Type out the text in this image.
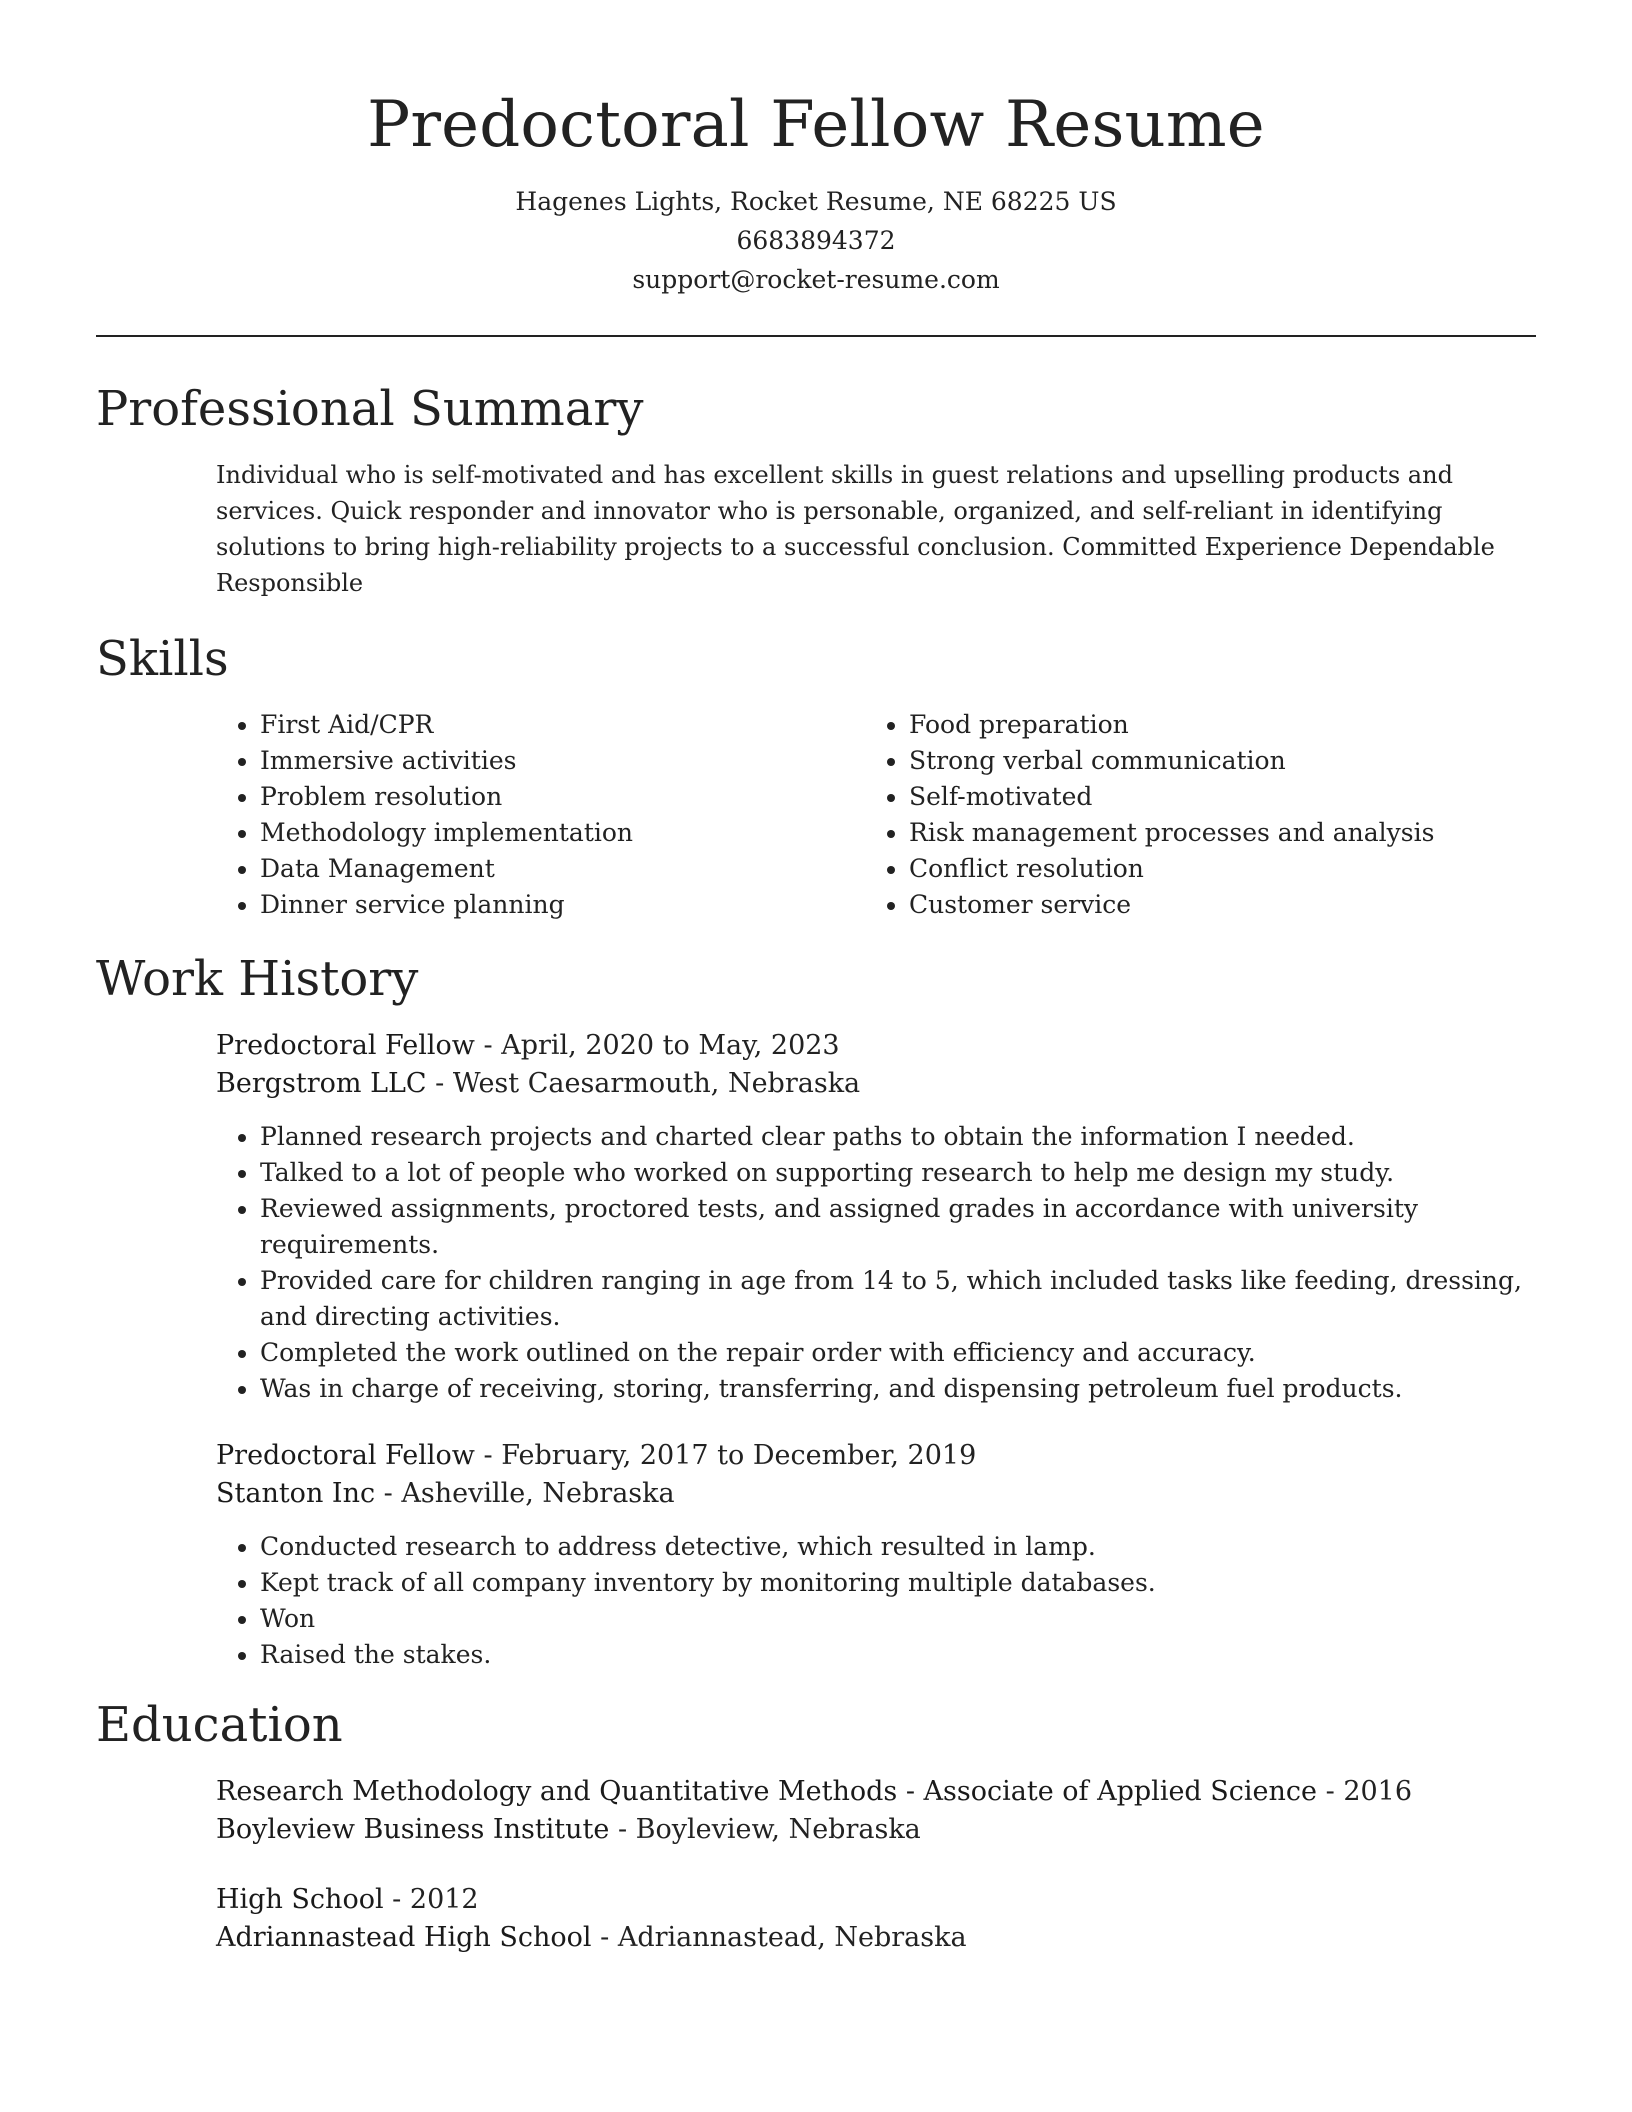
Predoctoral Fellow Resume
Hagenes Lights, Rocket Resume, NE 68225 US
6683894372
support@rocket-resume.com
Professional Summary

Individual who is self-motivated and has excellent skills in guest relations and upselling products and services. Quick responder and innovator who is personable, organized, and self-reliant in identifying solutions to bring high-reliability projects to a successful conclusion. Committed Experience Dependable Responsible

Skills
• First Aid/CPR
• Immersive activities
• Problem resolution
• Methodology implementation
• Data Management
• Dinner service planning
• Food preparation
• Strong verbal communication
• Self-motivated
• Risk management processes and analysis
• Conflict resolution
• Customer service
Work History
Predoctoral Fellow - April, 2020 to May, 2023
Bergstrom LLC - West Caesarmouth, Nebraska
• Planned research projects and charted clear paths to obtain the information I needed.
• Talked to a lot of people who worked on supporting research to help me design my study.
• Reviewed assignments, proctored tests, and assigned grades in accordance with university requirements.
• Provided care for children ranging in age from 14 to 5, which included tasks like feeding, dressing, and directing activities.
• Completed the work outlined on the repair order with efficiency and accuracy.
• Was in charge of receiving, storing, transferring, and dispensing petroleum fuel products.
Predoctoral Fellow - February, 2017 to December, 2019
Stanton Inc - Asheville, Nebraska
• Conducted research to address detective, which resulted in lamp.
• Kept track of all company inventory by monitoring multiple databases.
• Won
• Raised the stakes.
Education
Research Methodology and Quantitative Methods - Associate of Applied Science - 2016
Boyleview Business Institute - Boyleview, Nebraska
High School - 2012
Adriannastead High School - Adriannastead, Nebraska
